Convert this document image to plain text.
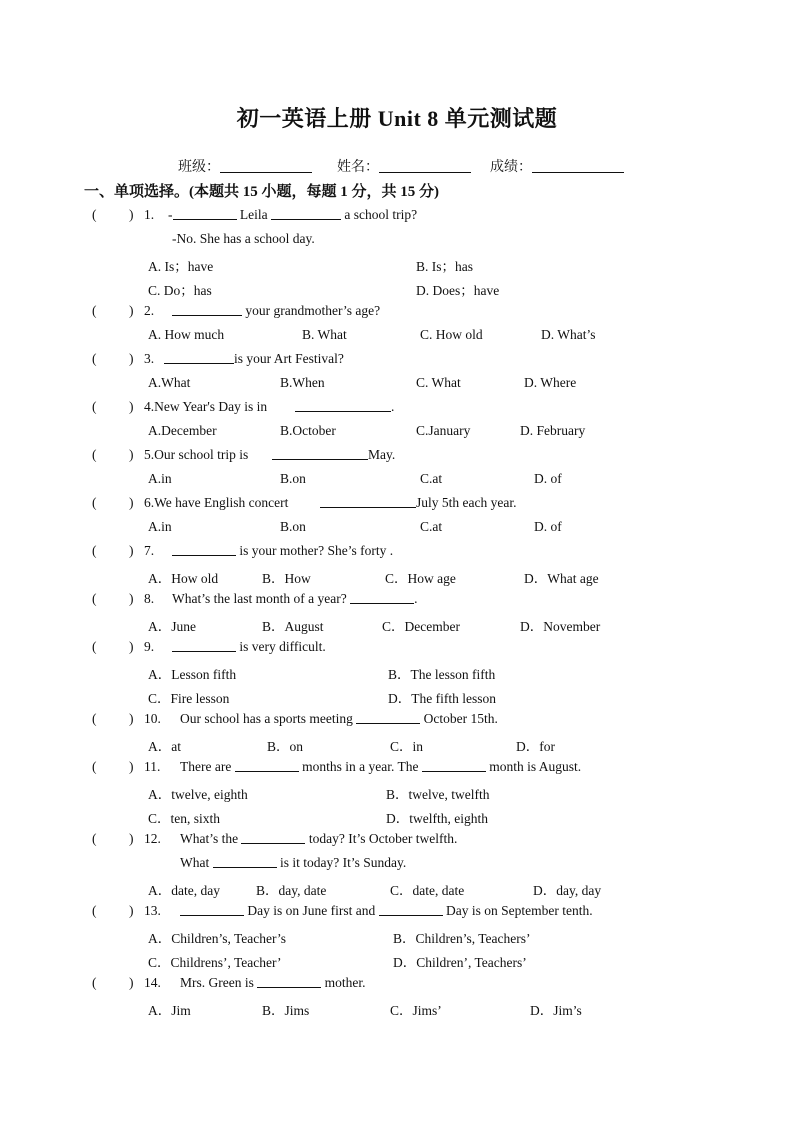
初一英语上册 Unit 8 单元测试题
班级：	姓名：	成绩：
一、单项选择。(本题共 15 小题，每题 1 分，共 15 分)
( ) 1. -	Leila	a school trip?
-No. She has a school day.
A. Is；have	B. Is；has
C. Do；has	D. Does；have
( ) 2.	your grandmother’s age?
A. How much	B. What	C. How old	D. What’s
( ) 3.	is your Art Festival?
A.What	B.When	C. What	D. Where
( ) 4.New Year's Day is in	.
A.December	B.October	C.January	D. February
( ) 5.Our school trip is	May.
A.in	B.on	C.at	D. of
( ) 6.We have English concert	July 5th each year.
A.in	B.on	C.at	D. of
( ) 7.	is your mother? She’s forty .
A．How old	B．How	C．How age	D．What age
( ) 8. What’s the last month of a year?	.
A．June	B．August	C．December	D．November
( ) 9.	is very difficult.
A．Lesson fifth	B．The lesson fifth
C．Fire lesson	D．The fifth lesson
( ) 10. Our school has a sports meeting	October 15th.
A．at	B．on	C．in	D．for
( ) 11. There are	months in a year. The	month is August.
A．twelve, eighth	B．twelve, twelfth
C．ten, sixth	D．twelfth, eighth
( ) 12. What’s the	today? It’s October twelfth.
What	is it today? It’s Sunday.
A．date, day	B．day, date	C．date, date	D．day, day
( ) 13.	Day is on June first and	Day is on September tenth.
A．Children’s, Teacher’s	B．Children’s, Teachers’
C．Childrens’, Teacher’	D．Children’, Teachers’
( ) 14. Mrs. Green is	mother.
A．Jim	B．Jims	C．Jims’	D．Jim’s
